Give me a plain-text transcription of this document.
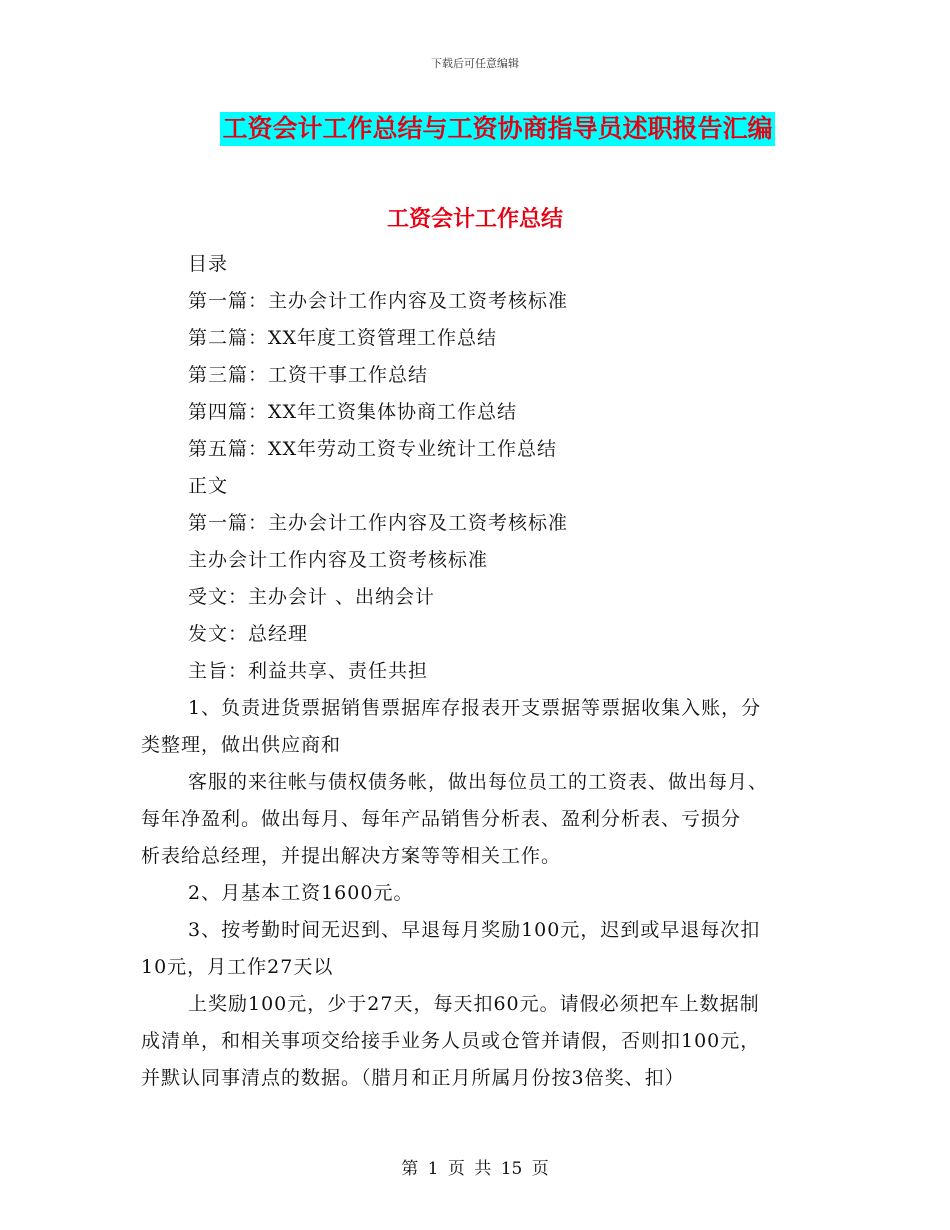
下载后可任意编辑
工资会计工作总结与工资协商指导员述职报告汇编
工资会计工作总结
目录
第一篇：主办会计工作内容及工资考核标准
第二篇：XX年度工资管理工作总结
第三篇：工资干事工作总结
第四篇：XX年工资集体协商工作总结
第五篇：XX年劳动工资专业统计工作总结
正文
第一篇：主办会计工作内容及工资考核标准
主办会计工作内容及工资考核标准
受文：主办会计 、出纳会计
发文：总经理
主旨：利益共享、责任共担
1、负责进货票据销售票据库存报表开支票据等票据收集入账，分
类整理，做出供应商和
客服的来往帐与债权债务帐，做出每位员工的工资表、做出每月、
每年净盈利。做出每月、每年产品销售分析表、盈利分析表、亏损分
析表给总经理，并提出解决方案等等相关工作。
2、月基本工资1600元。
3、按考勤时间无迟到、早退每月奖励100元，迟到或早退每次扣
10元，月工作27天以
上奖励100元，少于27天，每天扣60元。请假必须把车上数据制
成清单，和相关事项交给接手业务人员或仓管并请假，否则扣100元，
并默认同事清点的数据。（腊月和正月所属月份按3倍奖、扣）
第 1 页 共 15 页
